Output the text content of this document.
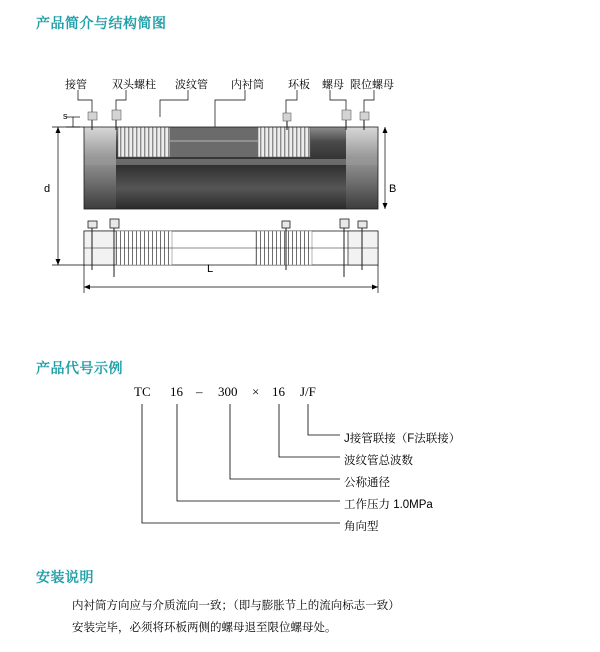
产品简介与结构简图
产品代号示例
安装说明
接管 双头螺柱 波纹管 内衬筒 环板 螺母 限位螺母
s
d	B
L
TC 16 – 300 × 16 J/F
J接管联接（F法联接）
波纹管总波数
公称通径
工作压力 1.0MPa
角向型

内衬筒方向应与介质流向一致；（即与膨胀节上的流向标志一致）

安装完毕，必须将环板两侧的螺母退至限位螺母处。
